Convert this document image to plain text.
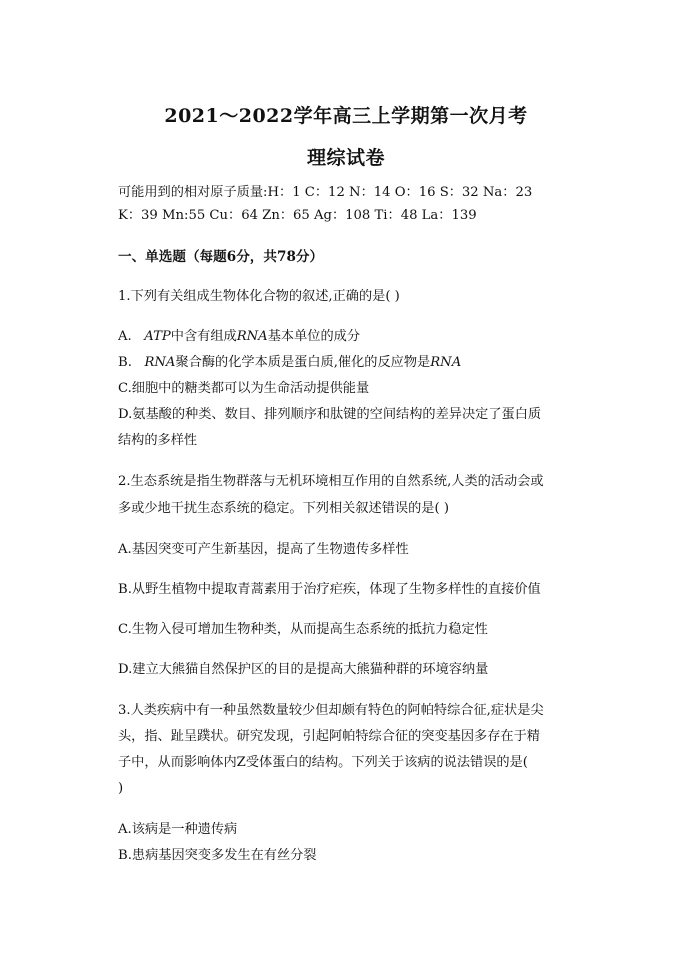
2021～2022学年高三上学期第一次月考
理综试卷
可能用到的相对原子质量:H：1 C：12 N：14 O：16 S：32 Na：23
K：39 Mn:55 Cu：64 Zn：65 Ag：108 Ti：48 La：139
一、单选题（每题6分，共78分）
1.下列有关组成生物体化合物的叙述,正确的是( )
A.   ATP中含有组成RNA基本单位的成分
B.   RNA聚合酶的化学本质是蛋白质,催化的反应物是RNA
C.细胞中的糖类都可以为生命活动提供能量
D.氨基酸的种类、数目、排列顺序和肽键的空间结构的差异决定了蛋白质
结构的多样性
2.生态系统是指生物群落与无机环境相互作用的自然系统,人类的活动会或
多或少地干扰生态系统的稳定。下列相关叙述错误的是( )
A.基因突变可产生新基因，提高了生物遗传多样性
B.从野生植物中提取青蒿素用于治疗疟疾，体现了生物多样性的直接价值
C.生物入侵可增加生物种类，从而提高生态系统的抵抗力稳定性
D.建立大熊猫自然保护区的目的是提高大熊猫种群的环境容纳量
3.人类疾病中有一种虽然数量较少但却颇有特色的阿帕特综合征,症状是尖
头，指、趾呈蹼状。研究发现，引起阿帕特综合征的突变基因多存在于精
子中，从而影响体内Z受体蛋白的结构。下列关于该病的说法错误的是(
)
A.该病是一种遗传病
B.患病基因突变多发生在有丝分裂
